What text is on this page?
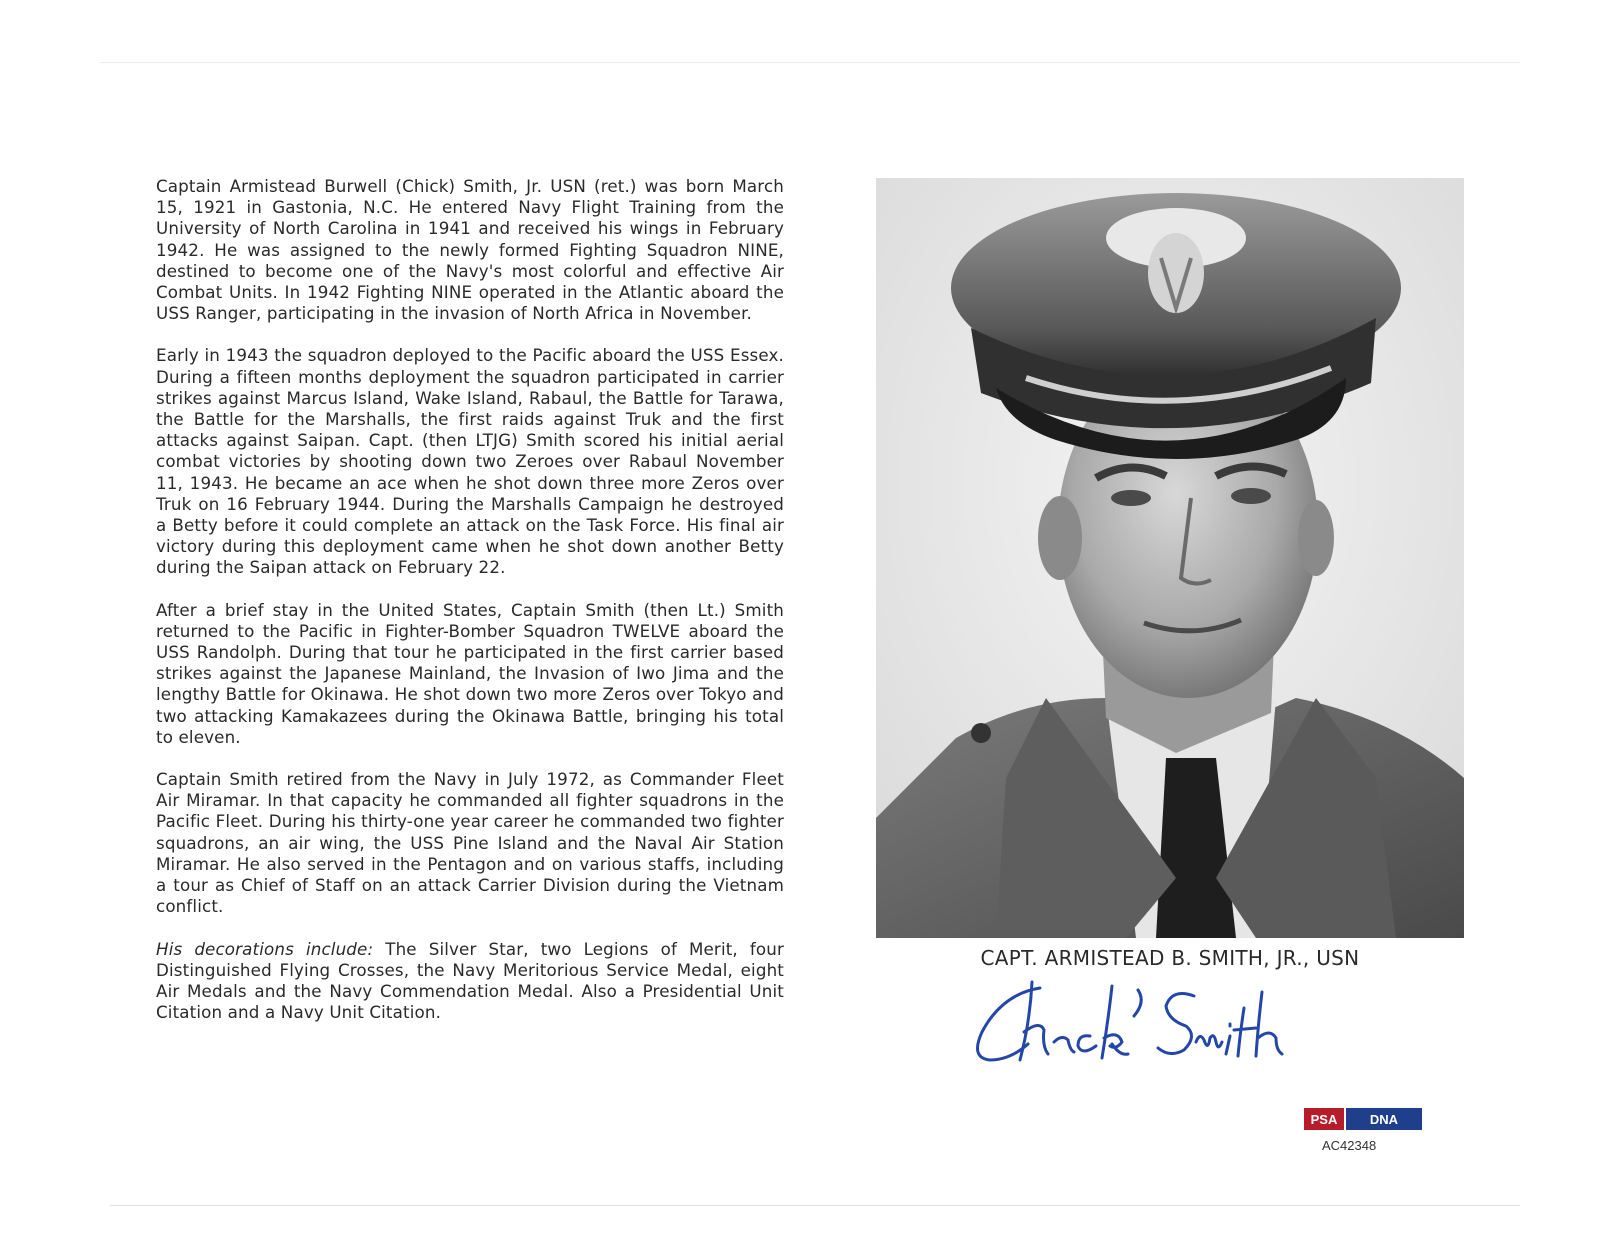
Captain Armistead Burwell (Chick) Smith, Jr. USN (ret.) was born March 15, 1921 in Gastonia, N.C. He entered Navy Flight Training from the University of North Carolina in 1941 and received his wings in February 1942. He was assigned to the newly formed Fighting Squadron NINE, destined to become one of the Navy's most colorful and effective Air Combat Units. In 1942 Fighting NINE operated in the Atlantic aboard the USS Ranger, participating in the invasion of North Africa in November.

Early in 1943 the squadron deployed to the Pacific aboard the USS Essex. During a fifteen months deployment the squadron participated in carrier strikes against Marcus Island, Wake Island, Rabaul, the Battle for Tarawa, the Battle for the Marshalls, the first raids against Truk and the first attacks against Saipan. Capt. (then LTJG) Smith scored his initial aerial combat victories by shooting down two Zeroes over Rabaul November 11, 1943. He became an ace when he shot down three more Zeros over Truk on 16 February 1944. During the Marshalls Campaign he destroyed a Betty before it could complete an attack on the Task Force. His final air victory during this deployment came when he shot down another Betty during the Saipan attack on February 22.

After a brief stay in the United States, Captain Smith (then Lt.) Smith returned to the Pacific in Fighter-Bomber Squadron TWELVE aboard the USS Randolph. During that tour he participated in the first carrier based strikes against the Japanese Mainland, the Invasion of Iwo Jima and the lengthy Battle for Okinawa. He shot down two more Zeros over Tokyo and two attacking Kamakazees during the Okinawa Battle, bringing his total to eleven.

Captain Smith retired from the Navy in July 1972, as Commander Fleet Air Miramar. In that capacity he commanded all fighter squadrons in the Pacific Fleet. During his thirty-one year career he commanded two fighter squadrons, an air wing, the USS Pine Island and the Naval Air Station Miramar. He also served in the Pentagon and on various staffs, including a tour as Chief of Staff on an attack Carrier Division during the Vietnam conflict.

His decorations include: The Silver Star, two Legions of Merit, four Distinguished Flying Crosses, the Navy Meritorious Service Medal, eight Air Medals and the Navy Commendation Medal. Also a Presidential Unit Citation and a Navy Unit Citation.

CAPT. ARMISTEAD B. SMITH, JR., USN
PSA	DNA
AC42348
